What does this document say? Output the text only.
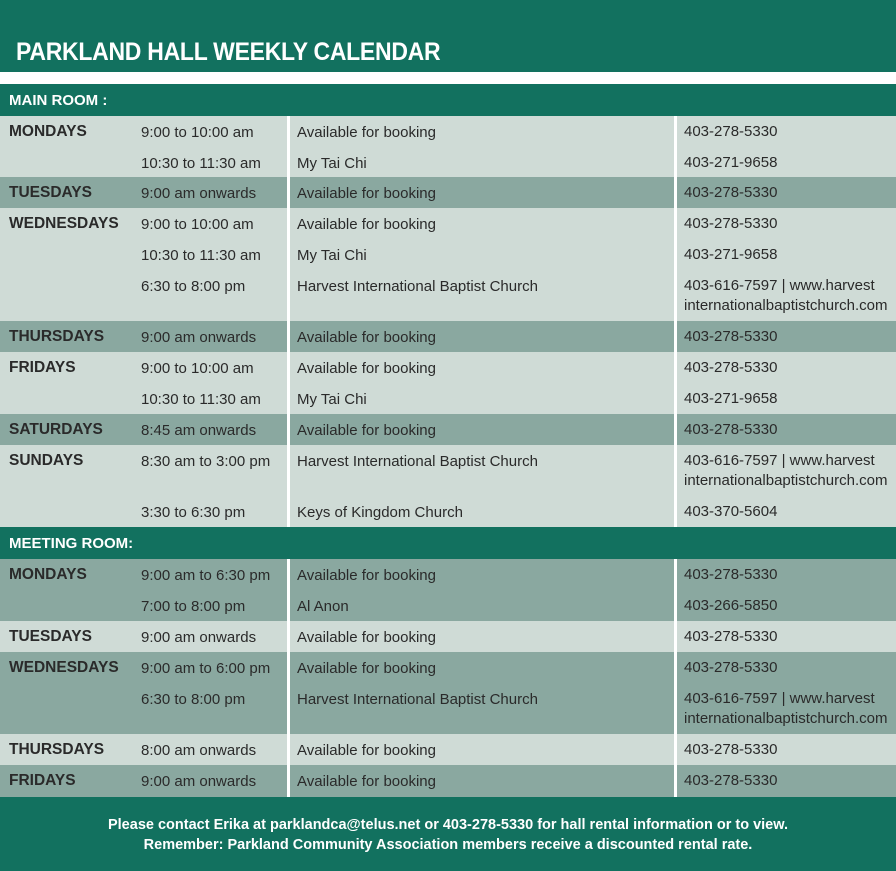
PARKLAND HALL WEEKLY CALENDAR
MAIN ROOM :
MONDAYS	9:00 to 10:00 am	Available for booking	403-278-5330
10:30 to 11:30 am My Tai Chi	403-271-9658
TUESDAYS	9:00 am onwards	Available for booking	403-278-5330
WEDNESDAYS 9:00 to 10:00 am	Available for booking	403-278-5330
10:30 to 11:30 am My Tai Chi	403-271-9658
6:30 to 8:00 pm	Harvest International Baptist Church	403-616-7597 | www.harvest internationalbaptistchurch.com
THURSDAYS 9:00 am onwards	Available for booking	403-278-5330
FRIDAYS	9:00 to 10:00 am	Available for booking	403-278-5330
10:30 to 11:30 am My Tai Chi	403-271-9658
SATURDAYS	8:45 am onwards	Available for booking	403-278-5330
SUNDAYS	8:30 am to 3:00 pm Harvest International Baptist Church	403-616-7597 | www.harvest internationalbaptistchurch.com
3:30 to 6:30 pm	Keys of Kingdom Church	403-370-5604
MEETING ROOM:
MONDAYS	9:00 am to 6:30 pm Available for booking	403-278-5330
7:00 to 8:00 pm	Al Anon	403-266-5850
TUESDAYS	9:00 am onwards	Available for booking	403-278-5330
WEDNESDAYS 9:00 am to 6:00 pm Available for booking	403-278-5330
6:30 to 8:00 pm	Harvest International Baptist Church	403-616-7597 | www.harvest internationalbaptistchurch.com
THURSDAYS 8:00 am onwards	Available for booking	403-278-5330
FRIDAYS	9:00 am onwards	Available for booking	403-278-5330
Please contact Erika at parklandca@telus.net or 403-278-5330 for hall rental information or to view.
Remember: Parkland Community Association members receive a discounted rental rate.
